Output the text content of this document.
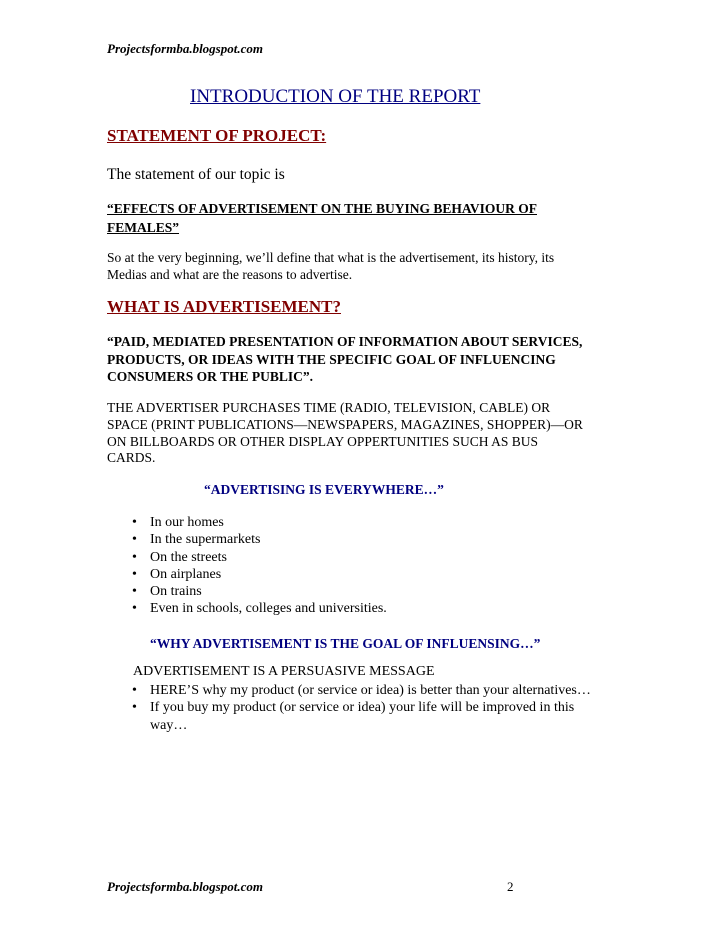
Projectsformba.blogspot.com
INTRODUCTION OF THE REPORT
STATEMENT OF PROJECT:
The statement of our topic is
“EFFECTS OF ADVERTISEMENT ON THE BUYING BEHAVIOUR OF
FEMALES”
So at the very beginning, we’ll define that what is the advertisement, its history, its
Medias and what are the reasons to advertise.
WHAT IS ADVERTISEMENT?
“PAID, MEDIATED PRESENTATION OF INFORMATION ABOUT SERVICES,
PRODUCTS, OR IDEAS WITH THE SPECIFIC GOAL OF INFLUENCING
CONSUMERS OR THE PUBLIC”.
THE ADVERTISER PURCHASES TIME (RADIO, TELEVISION, CABLE) OR
SPACE (PRINT PUBLICATIONS—NEWSPAPERS, MAGAZINES, SHOPPER)—OR
ON BILLBOARDS OR OTHER DISPLAY OPPERTUNITIES SUCH AS BUS
CARDS.
“ADVERTISING IS EVERYWHERE…”
• In our homes
• In the supermarkets
• On the streets
• On airplanes
• On trains
• Even in schools, colleges and universities.
“WHY ADVERTISEMENT IS THE GOAL OF INFLUENSING…”
ADVERTISEMENT IS A PERSUASIVE MESSAGE
• HERE’S why my product (or service or idea) is better than your alternatives…
• If you buy my product (or service or idea) your life will be improved in this
way…
Projectsformba.blogspot.com	2
